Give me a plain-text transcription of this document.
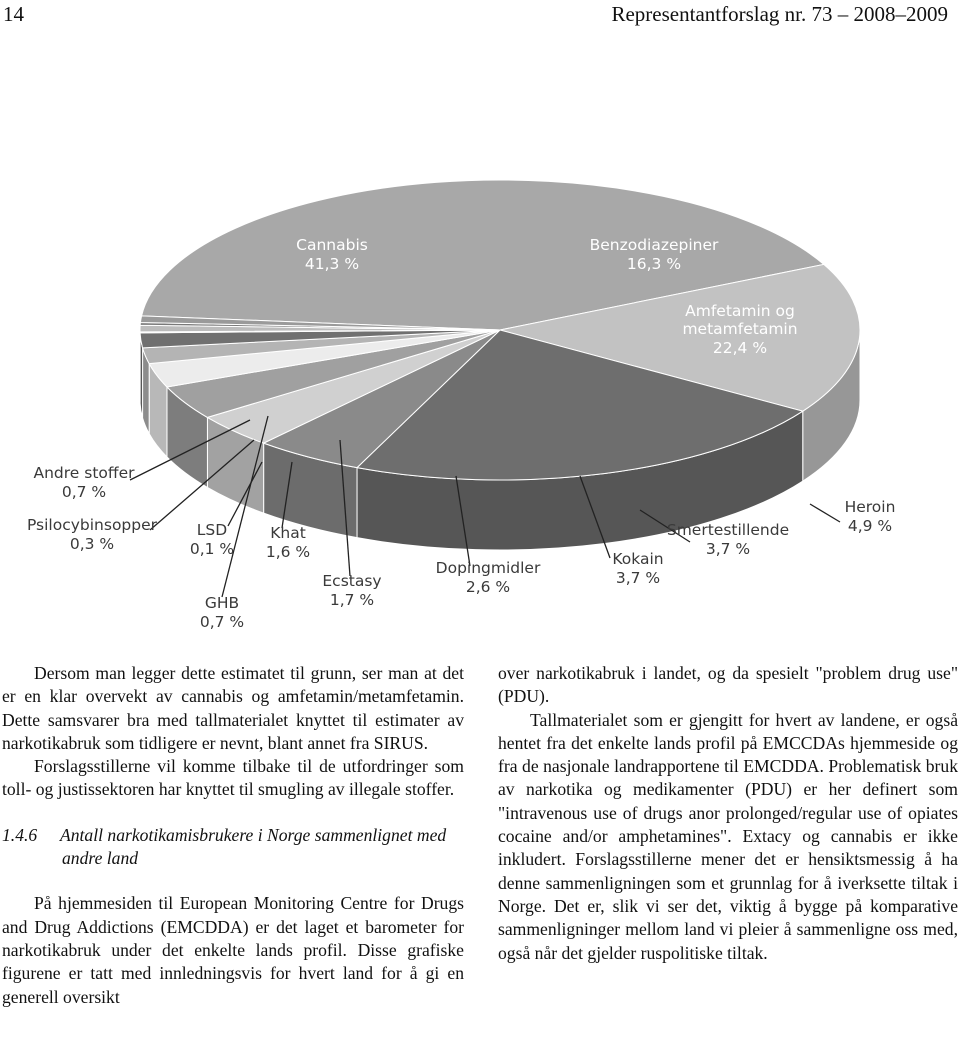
14	Representantforslag nr. 73 – 2008–2009
Cannabis 41,3 %
Benzodiazepiner 16,3 %
Amfetamin og metamfetamin 22,4 %
Heroin 4,9 %
Smertestillende 3,7 %
Kokain 3,7 %
Dopingmidler 2,6 %
Ecstasy 1,7 %
Khat 1,6 %
LSD 0,1 %
GHB 0,7 %
Psilocybinsopper 0,3 %
Andre stoffer 0,7 %

Dersom man legger dette estimatet til grunn, ser man at det er en klar overvekt av cannabis og amfetamin/metamfetamin. Dette samsvarer bra med tallmaterialet knyttet til estimater av narkotikabruk som tidligere er nevnt, blant annet fra SIRUS.

Forslagsstillerne vil komme tilbake til de utfordringer som toll- og justissektoren har knyttet til smugling av illegale stoffer.

1.4.6 Antall narkotikamisbrukere i Norge sammenlignet med andre land

På hjemmesiden til European Monitoring Centre for Drugs and Drug Addictions (EMCDDA) er det laget et barometer for narkotikabruk under det enkelte lands profil. Disse grafiske figurene er tatt med innledningsvis for hvert land for å gi en generell oversikt

over narkotikabruk i landet, og da spesielt "problem drug use"(PDU).

Tallmaterialet som er gjengitt for hvert av landene, er også hentet fra det enkelte lands profil på EMCCDAs hjemmeside og fra de nasjonale landrapportene til EMCDDA. Problematisk bruk av narkotika og medikamenter (PDU) er her definert som "intravenous use of drugs anor prolonged/regular use of opiates cocaine and/or amphetamines". Extacy og cannabis er ikke inkludert. Forslagsstillerne mener det er hensiktsmessig å ha denne sammenligningen som et grunnlag for å iverksette tiltak i Norge. Det er, slik vi ser det, viktig å bygge på komparative sammenligninger mellom land vi pleier å sammenligne oss med, også når det gjelder ruspolitiske tiltak.
